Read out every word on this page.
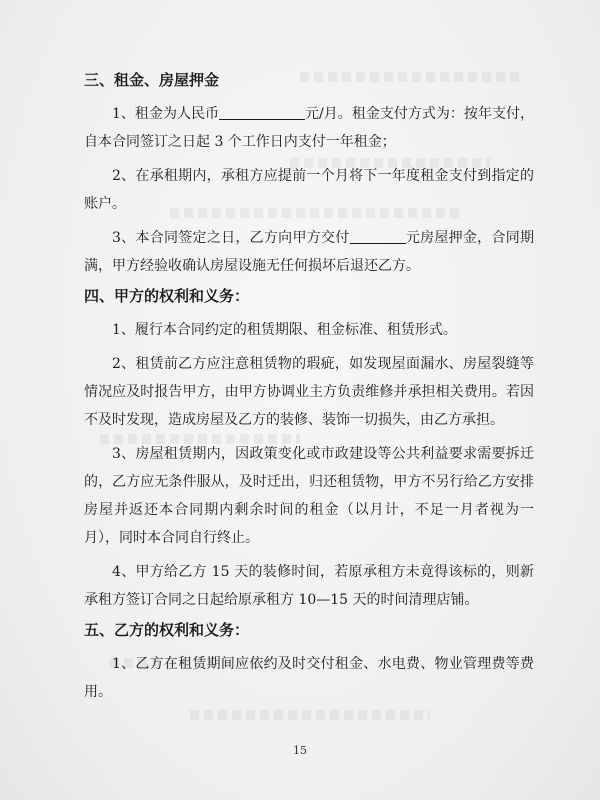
三、租金、房屋押金

1、租金为人民币	元/月。租金支付方式为：按年支付，自本合同签订之日起 3 个工作日内支付一年租金；

2、在承租期内，承租方应提前一个月将下一年度租金支付到指定的账户。

3、本合同签定之日，乙方向甲方交付	元房屋押金，合同期满，甲方经验收确认房屋设施无任何损坏后退还乙方。

四、甲方的权利和义务：

1、履行本合同约定的租赁期限、租金标准、租赁形式。

2、租赁前乙方应注意租赁物的瑕疵，如发现屋面漏水、房屋裂缝等情况应及时报告甲方，由甲方协调业主方负责维修并承担相关费用。若因不及时发现，造成房屋及乙方的装修、装饰一切损失，由乙方承担。

3、房屋租赁期内，因政策变化或市政建设等公共利益要求需要拆迁的，乙方应无条件服从，及时迁出，归还租赁物，甲方不另行给乙方安排房屋并返还本合同期内剩余时间的租金（以月计，不足一月者视为一月），同时本合同自行终止。

4、甲方给乙方 15 天的装修时间，若原承租方未竟得该标的，则新承租方签订合同之日起给原承租方 10—15 天的时间清理店铺。

五、乙方的权利和义务：

1、乙方在租赁期间应依约及时交付租金、水电费、物业管理费等费用。

15
